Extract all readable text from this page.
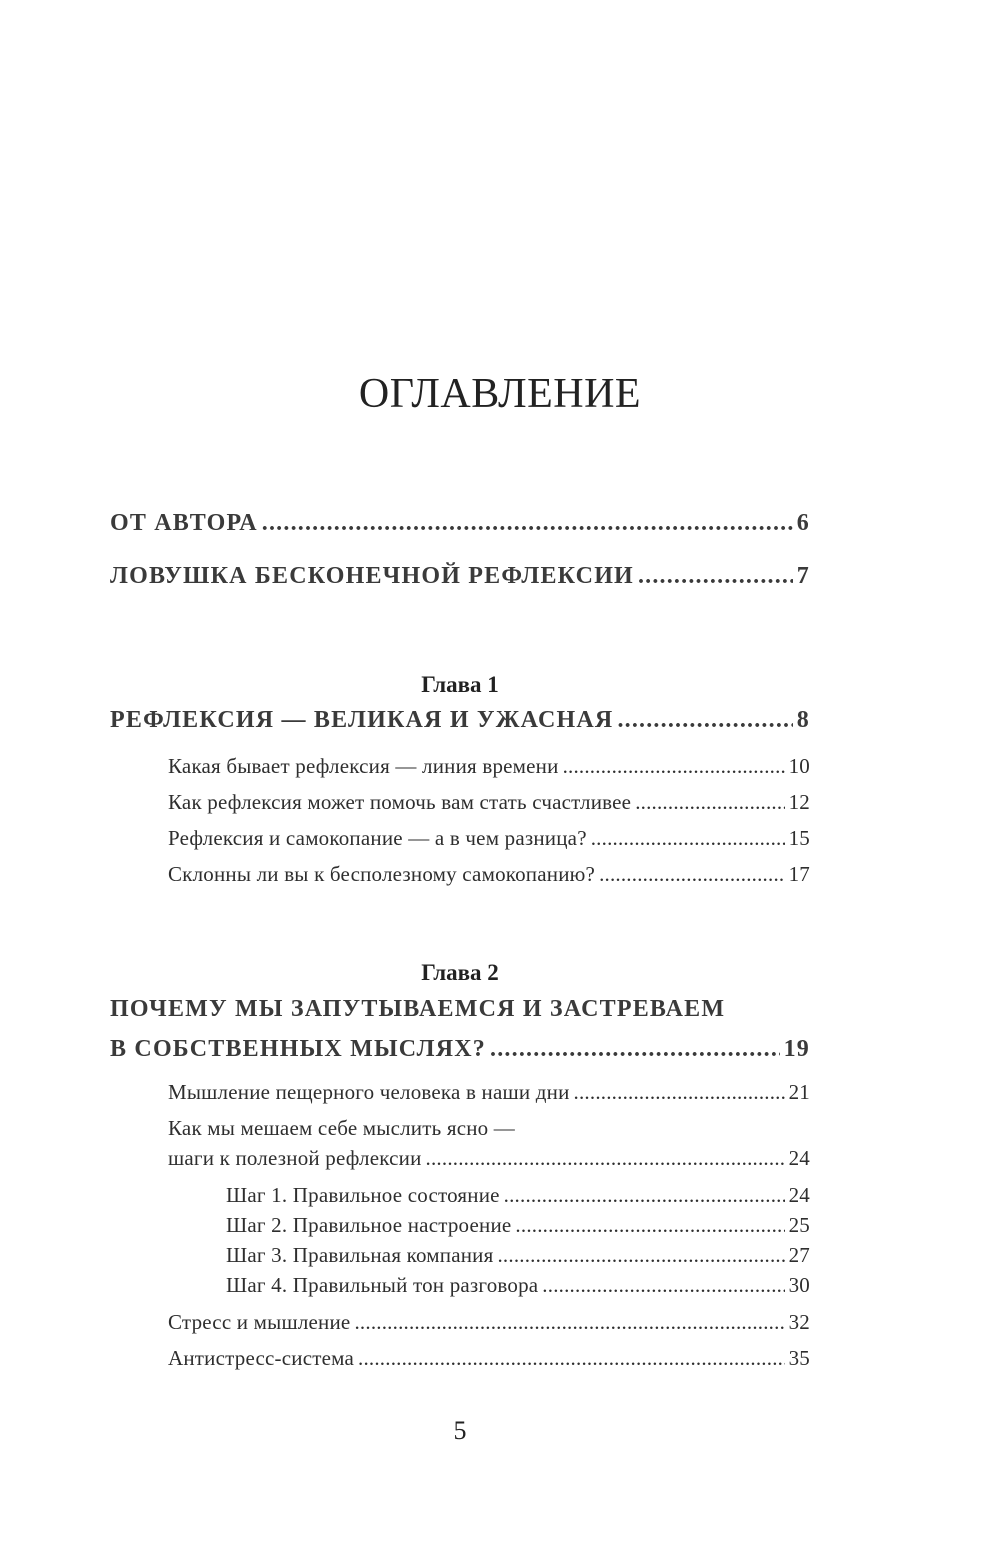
ОГЛАВЛЕНИЕ
ОТ АВТОРА .....	6
ЛОВУШКА БЕСКОНЕЧНОЙ РЕФЛЕКСИИ .....	7
Глава 1
РЕФЛЕКСИЯ — ВЕЛИКАЯ И УЖАСНАЯ .....	8
Какая бывает рефлексия — линия времени .....	10
Как рефлексия может помочь вам стать счастливее .....	12
Рефлексия и самокопание — а в чем разница? .....	15
Склонны ли вы к бесполезному самокопанию? .....	17
Глава 2
ПОЧЕМУ МЫ ЗАПУТЫВАЕМСЯ И ЗАСТРЕВАЕМ
В СОБСТВЕННЫХ МЫСЛЯХ? .....	19
Мышление пещерного человека в наши дни .....	21
Как мы мешаем себе мыслить ясно —
шаги к полезной рефлексии .....	24
Шаг 1. Правильное состояние .....	24
Шаг 2. Правильное настроение .....	25
Шаг 3. Правильная компания .....	27
Шаг 4. Правильный тон разговора .....	30
Стресс и мышление .....	32
Антистресс-система .....	35
5
